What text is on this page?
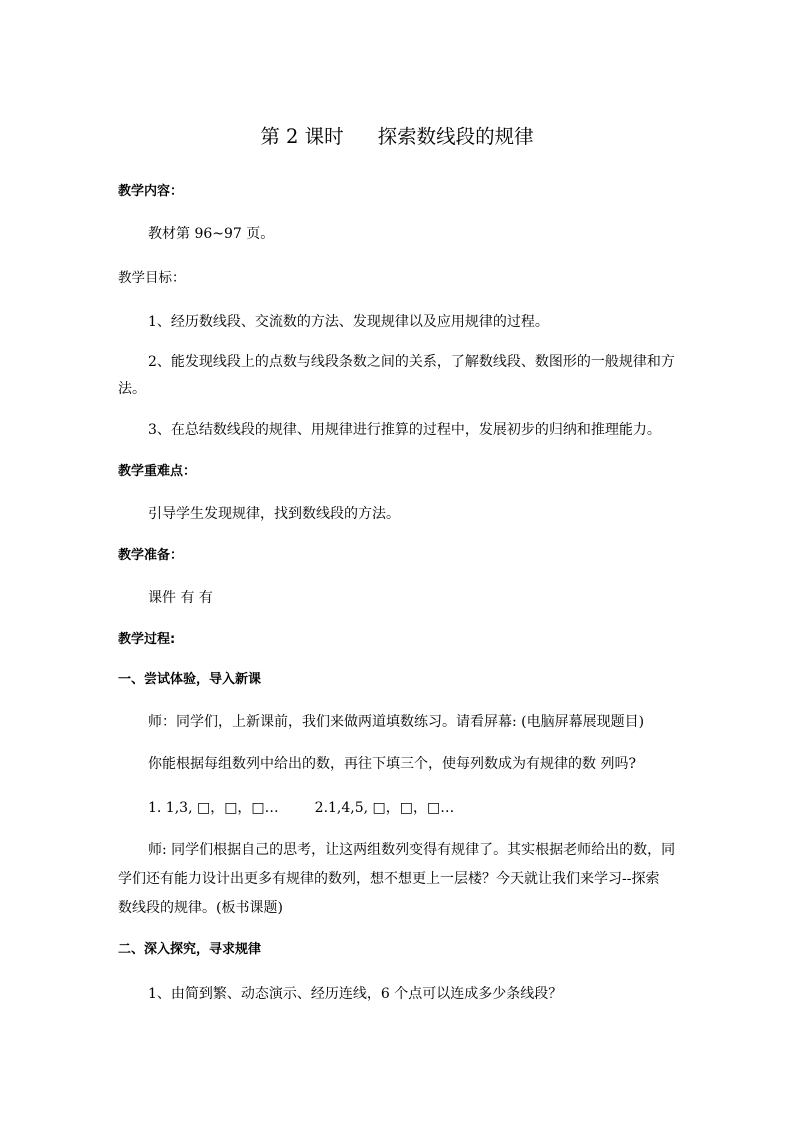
第 2 课时 探索数线段的规律
教学内容：
教材第 96~97 页。
教学目标：
1、经历数线段、交流数的方法、发现规律以及应用规律的过程。
2、能发现线段上的点数与线段条数之间的关系，了解数线段、数图形的一般规律和方
法。
3、在总结数线段的规律、用规律进行推算的过程中，发展初步的归纳和推理能力。
教学重难点：
引导学生发现规律，找到数线段的方法。
教学准备：
课件 有 有
教学过程:
一、尝试体验，导入新课
师：同学们，上新课前，我们来做两道填数练习。请看屏幕: (电脑屏幕展现题目)
你能根据每组数列中给出的数，再往下填三个，使每列数成为有规律的数 列吗?
1. 1,3, □，□，□…	2.1,4,5, □，□，□…
师: 同学们根据自己的思考，让这两组数列变得有规律了。其实根据老师给出的数，同
学们还有能力设计出更多有规律的数列，想不想更上一层楼？今天就让我们来学习--探索
数线段的规律。(板书课题)
二、深入探究，寻求规律
1、由简到繁、动态演示、经历连线，6 个点可以连成多少条线段？
